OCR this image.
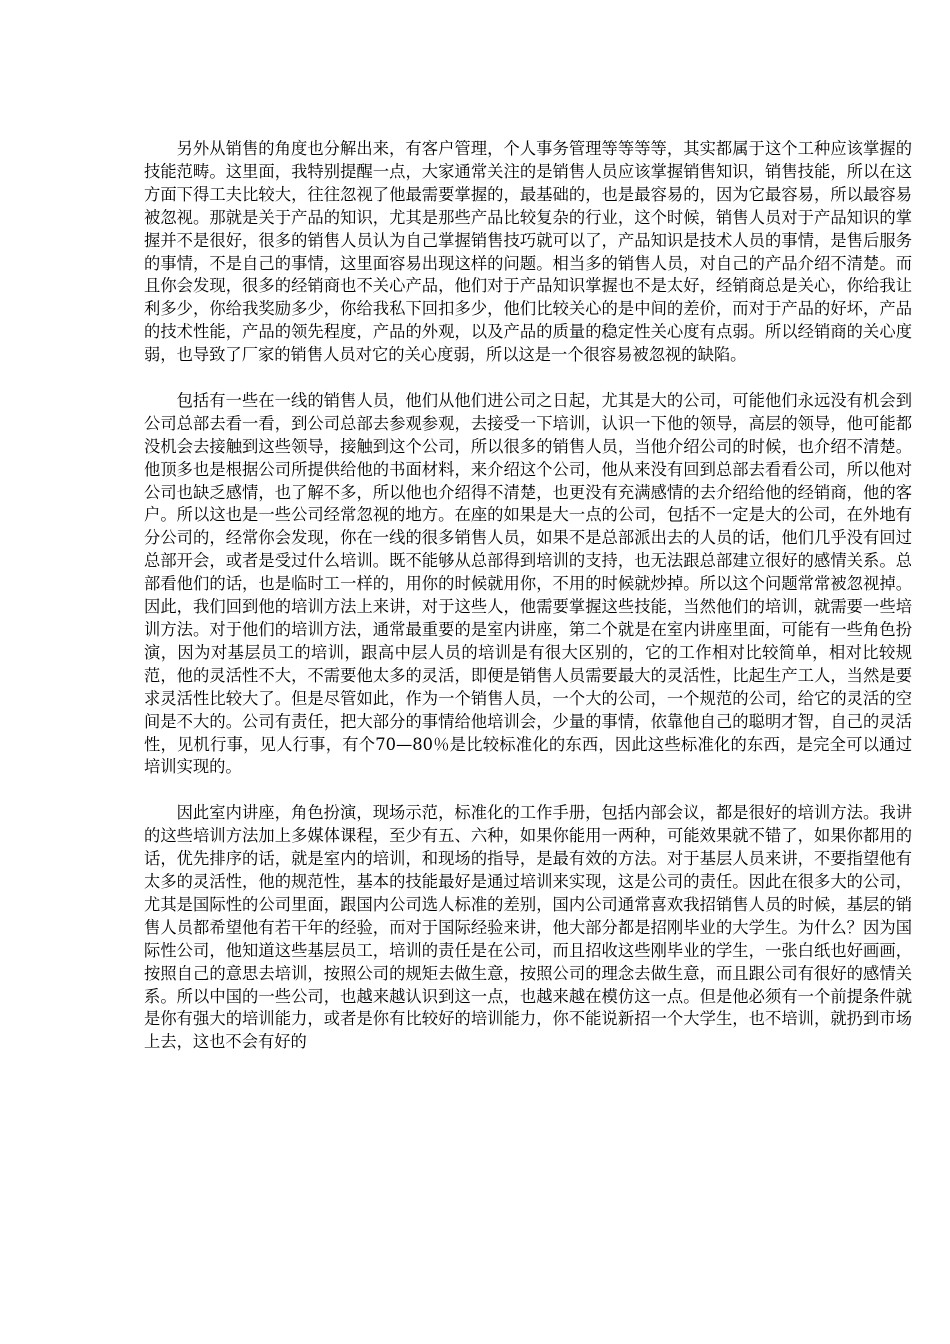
另外从销售的角度也分解出来，有客户管理，个人事务管理等等等等，其实都属于这个工种应该掌握的技能范畴。这里面，我特别提醒一点，大家通常关注的是销售人员应该掌握销售知识，销售技能，所以在这方面下得工夫比较大，往往忽视了他最需要掌握的，最基础的，也是最容易的，因为它最容易，所以最容易被忽视。那就是关于产品的知识，尤其是那些产品比较复杂的行业，这个时候，销售人员对于产品知识的掌握并不是很好，很多的销售人员认为自己掌握销售技巧就可以了，产品知识是技术人员的事情，是售后服务的事情，不是自己的事情，这里面容易出现这样的问题。相当多的销售人员，对自己的产品介绍不清楚。而且你会发现，很多的经销商也不关心产品，他们对于产品知识掌握也不是太好，经销商总是关心，你给我让利多少，你给我奖励多少，你给我私下回扣多少，他们比较关心的是中间的差价，而对于产品的好坏，产品的技术性能，产品的领先程度，产品的外观，以及产品的质量的稳定性关心度有点弱。所以经销商的关心度弱，也导致了厂家的销售人员对它的关心度弱，所以这是一个很容易被忽视的缺陷。

包括有一些在一线的销售人员，他们从他们进公司之日起，尤其是大的公司，可能他们永远没有机会到公司总部去看一看，到公司总部去参观参观，去接受一下培训，认识一下他的领导，高层的领导，他可能都没机会去接触到这些领导，接触到这个公司，所以很多的销售人员，当他介绍公司的时候，也介绍不清楚。他顶多也是根据公司所提供给他的书面材料，来介绍这个公司，他从来没有回到总部去看看公司，所以他对公司也缺乏感情，也了解不多，所以他也介绍得不清楚，也更没有充满感情的去介绍给他的经销商，他的客户。所以这也是一些公司经常忽视的地方。在座的如果是大一点的公司，包括不一定是大的公司，在外地有分公司的，经常你会发现，你在一线的很多销售人员，如果不是总部派出去的人员的话，他们几乎没有回过总部开会，或者是受过什么培训。既不能够从总部得到培训的支持，也无法跟总部建立很好的感情关系。总部看他们的话，也是临时工一样的，用你的时候就用你，不用的时候就炒掉。所以这个问题常常被忽视掉。因此，我们回到他的培训方法上来讲，对于这些人，他需要掌握这些技能，当然他们的培训，就需要一些培训方法。对于他们的培训方法，通常最重要的是室内讲座，第二个就是在室内讲座里面，可能有一些角色扮演，因为对基层员工的培训，跟高中层人员的培训是有很大区别的，它的工作相对比较简单，相对比较规范，他的灵活性不大，不需要他太多的灵活，即便是销售人员需要最大的灵活性，比起生产工人，当然是要求灵活性比较大了。但是尽管如此，作为一个销售人员，一个大的公司，一个规范的公司，给它的灵活的空间是不大的。公司有责任，把大部分的事情给他培训会，少量的事情，依靠他自己的聪明才智，自己的灵活性，见机行事，见人行事，有个70—80％是比较标准化的东西，因此这些标准化的东西，是完全可以通过培训实现的。

因此室内讲座，角色扮演，现场示范，标准化的工作手册，包括内部会议，都是很好的培训方法。我讲的这些培训方法加上多媒体课程，至少有五、六种，如果你能用一两种，可能效果就不错了，如果你都用的话，优先排序的话，就是室内的培训，和现场的指导，是最有效的方法。对于基层人员来讲，不要指望他有太多的灵活性，他的规范性，基本的技能最好是通过培训来实现，这是公司的责任。因此在很多大的公司，尤其是国际性的公司里面，跟国内公司选人标准的差别，国内公司通常喜欢我招销售人员的时候，基层的销售人员都希望他有若干年的经验，而对于国际经验来讲，他大部分都是招刚毕业的大学生。为什么？因为国际性公司，他知道这些基层员工，培训的责任是在公司，而且招收这些刚毕业的学生，一张白纸也好画画，按照自己的意思去培训，按照公司的规矩去做生意，按照公司的理念去做生意，而且跟公司有很好的感情关系。所以中国的一些公司，也越来越认识到这一点，也越来越在模仿这一点。但是他必须有一个前提条件就是你有强大的培训能力，或者是你有比较好的培训能力，你不能说新招一个大学生，也不培训，就扔到市场上去，这也不会有好的
